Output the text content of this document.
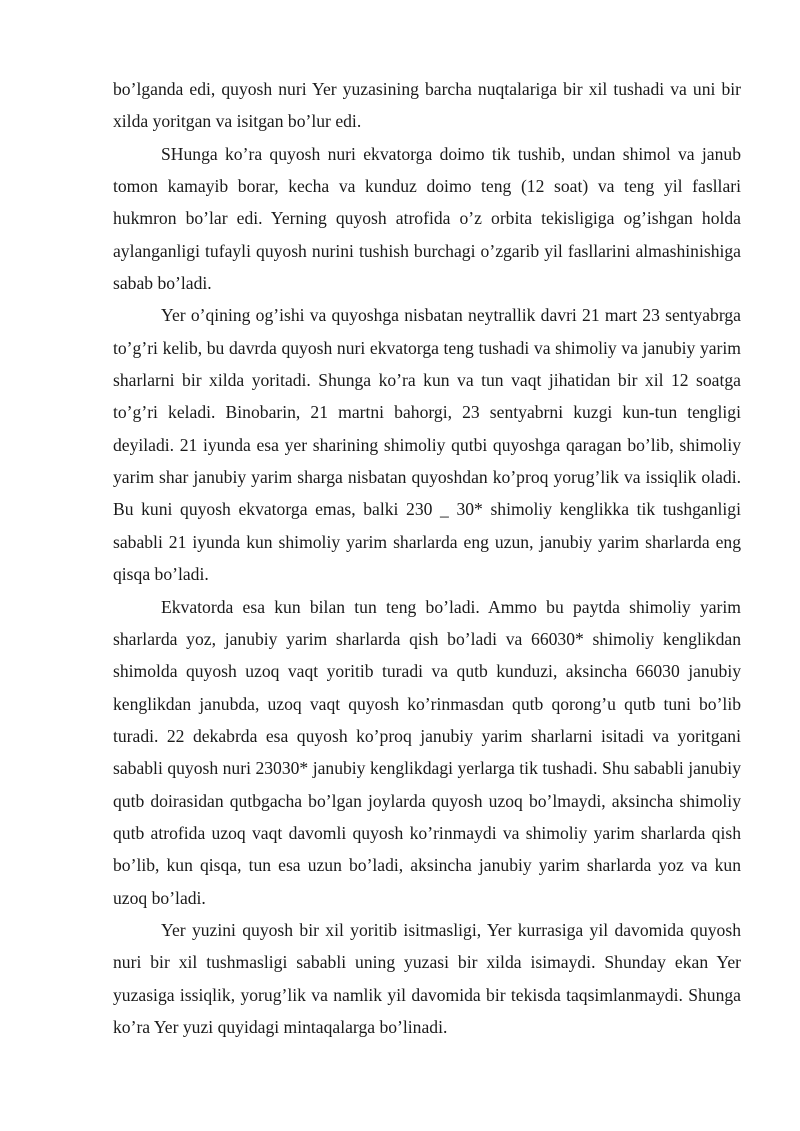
bo’lganda edi, quyosh nuri Yer yuzasining barcha nuqtalariga bir xil tushadi va uni bir xilda yoritgan va isitgan bo’lur edi.

SHunga ko’ra quyosh nuri ekvatorga doimo tik tushib, undan shimol va janub tomon kamayib borar, kecha va kunduz doimo teng (12 soat) va teng yil fasllari hukmron bo’lar edi. Yerning quyosh atrofida o’z orbita tekisligiga og’ishgan holda aylanganligi tufayli quyosh nurini tushish burchagi o’zgarib yil fasllarini almashinishiga sabab bo’ladi.

Yer o’qining og’ishi va quyoshga nisbatan neytrallik davri 21 mart 23 sentyabrga to’g’ri kelib, bu davrda quyosh nuri ekvatorga teng tushadi va shimoliy va janubiy yarim sharlarni bir xilda yoritadi. Shunga ko’ra kun va tun vaqt jihatidan bir xil 12 soatga to’g’ri keladi. Binobarin, 21 martni bahorgi, 23 sentyabrni kuzgi kun-tun tengligi deyiladi. 21 iyunda esa yer sharining shimoliy qutbi quyoshga qaragan bo’lib, shimoliy yarim shar janubiy yarim sharga nisbatan quyoshdan ko’proq yorug’lik va issiqlik oladi. Bu kuni quyosh ekvatorga emas, balki 230 _ 30* shimoliy kenglikka tik tushganligi sababli 21 iyunda kun shimoliy yarim sharlarda eng uzun, janubiy yarim sharlarda eng qisqa bo’ladi.

Ekvatorda esa kun bilan tun teng bo’ladi. Ammo bu paytda shimoliy yarim sharlarda yoz, janubiy yarim sharlarda qish bo’ladi va 66030* shimoliy kenglikdan shimolda quyosh uzoq vaqt yoritib turadi va qutb kunduzi, aksincha 66030 janubiy kenglikdan janubda, uzoq vaqt quyosh ko’rinmasdan qutb qorong’u qutb tuni bo’lib turadi. 22 dekabrda esa quyosh ko’proq janubiy yarim sharlarni isitadi va yoritgani sababli quyosh nuri 23030* janubiy kenglikdagi yerlarga tik tushadi. Shu sababli janubiy qutb doirasidan qutbgacha bo’lgan joylarda quyosh uzoq bo’lmaydi, aksincha shimoliy qutb atrofida uzoq vaqt davomli quyosh ko’rinmaydi va shimoliy yarim sharlarda qish bo’lib, kun qisqa, tun esa uzun bo’ladi, aksincha janubiy yarim sharlarda yoz va kun uzoq bo’ladi.

Yer yuzini quyosh bir xil yoritib isitmasligi, Yer kurrasiga yil davomida quyosh nuri bir xil tushmasligi sababli uning yuzasi bir xilda isimaydi. Shunday ekan Yer yuzasiga issiqlik, yorug’lik va namlik yil davomida bir tekisda taqsimlanmaydi. Shunga ko’ra Yer yuzi quyidagi mintaqalarga bo’linadi.
